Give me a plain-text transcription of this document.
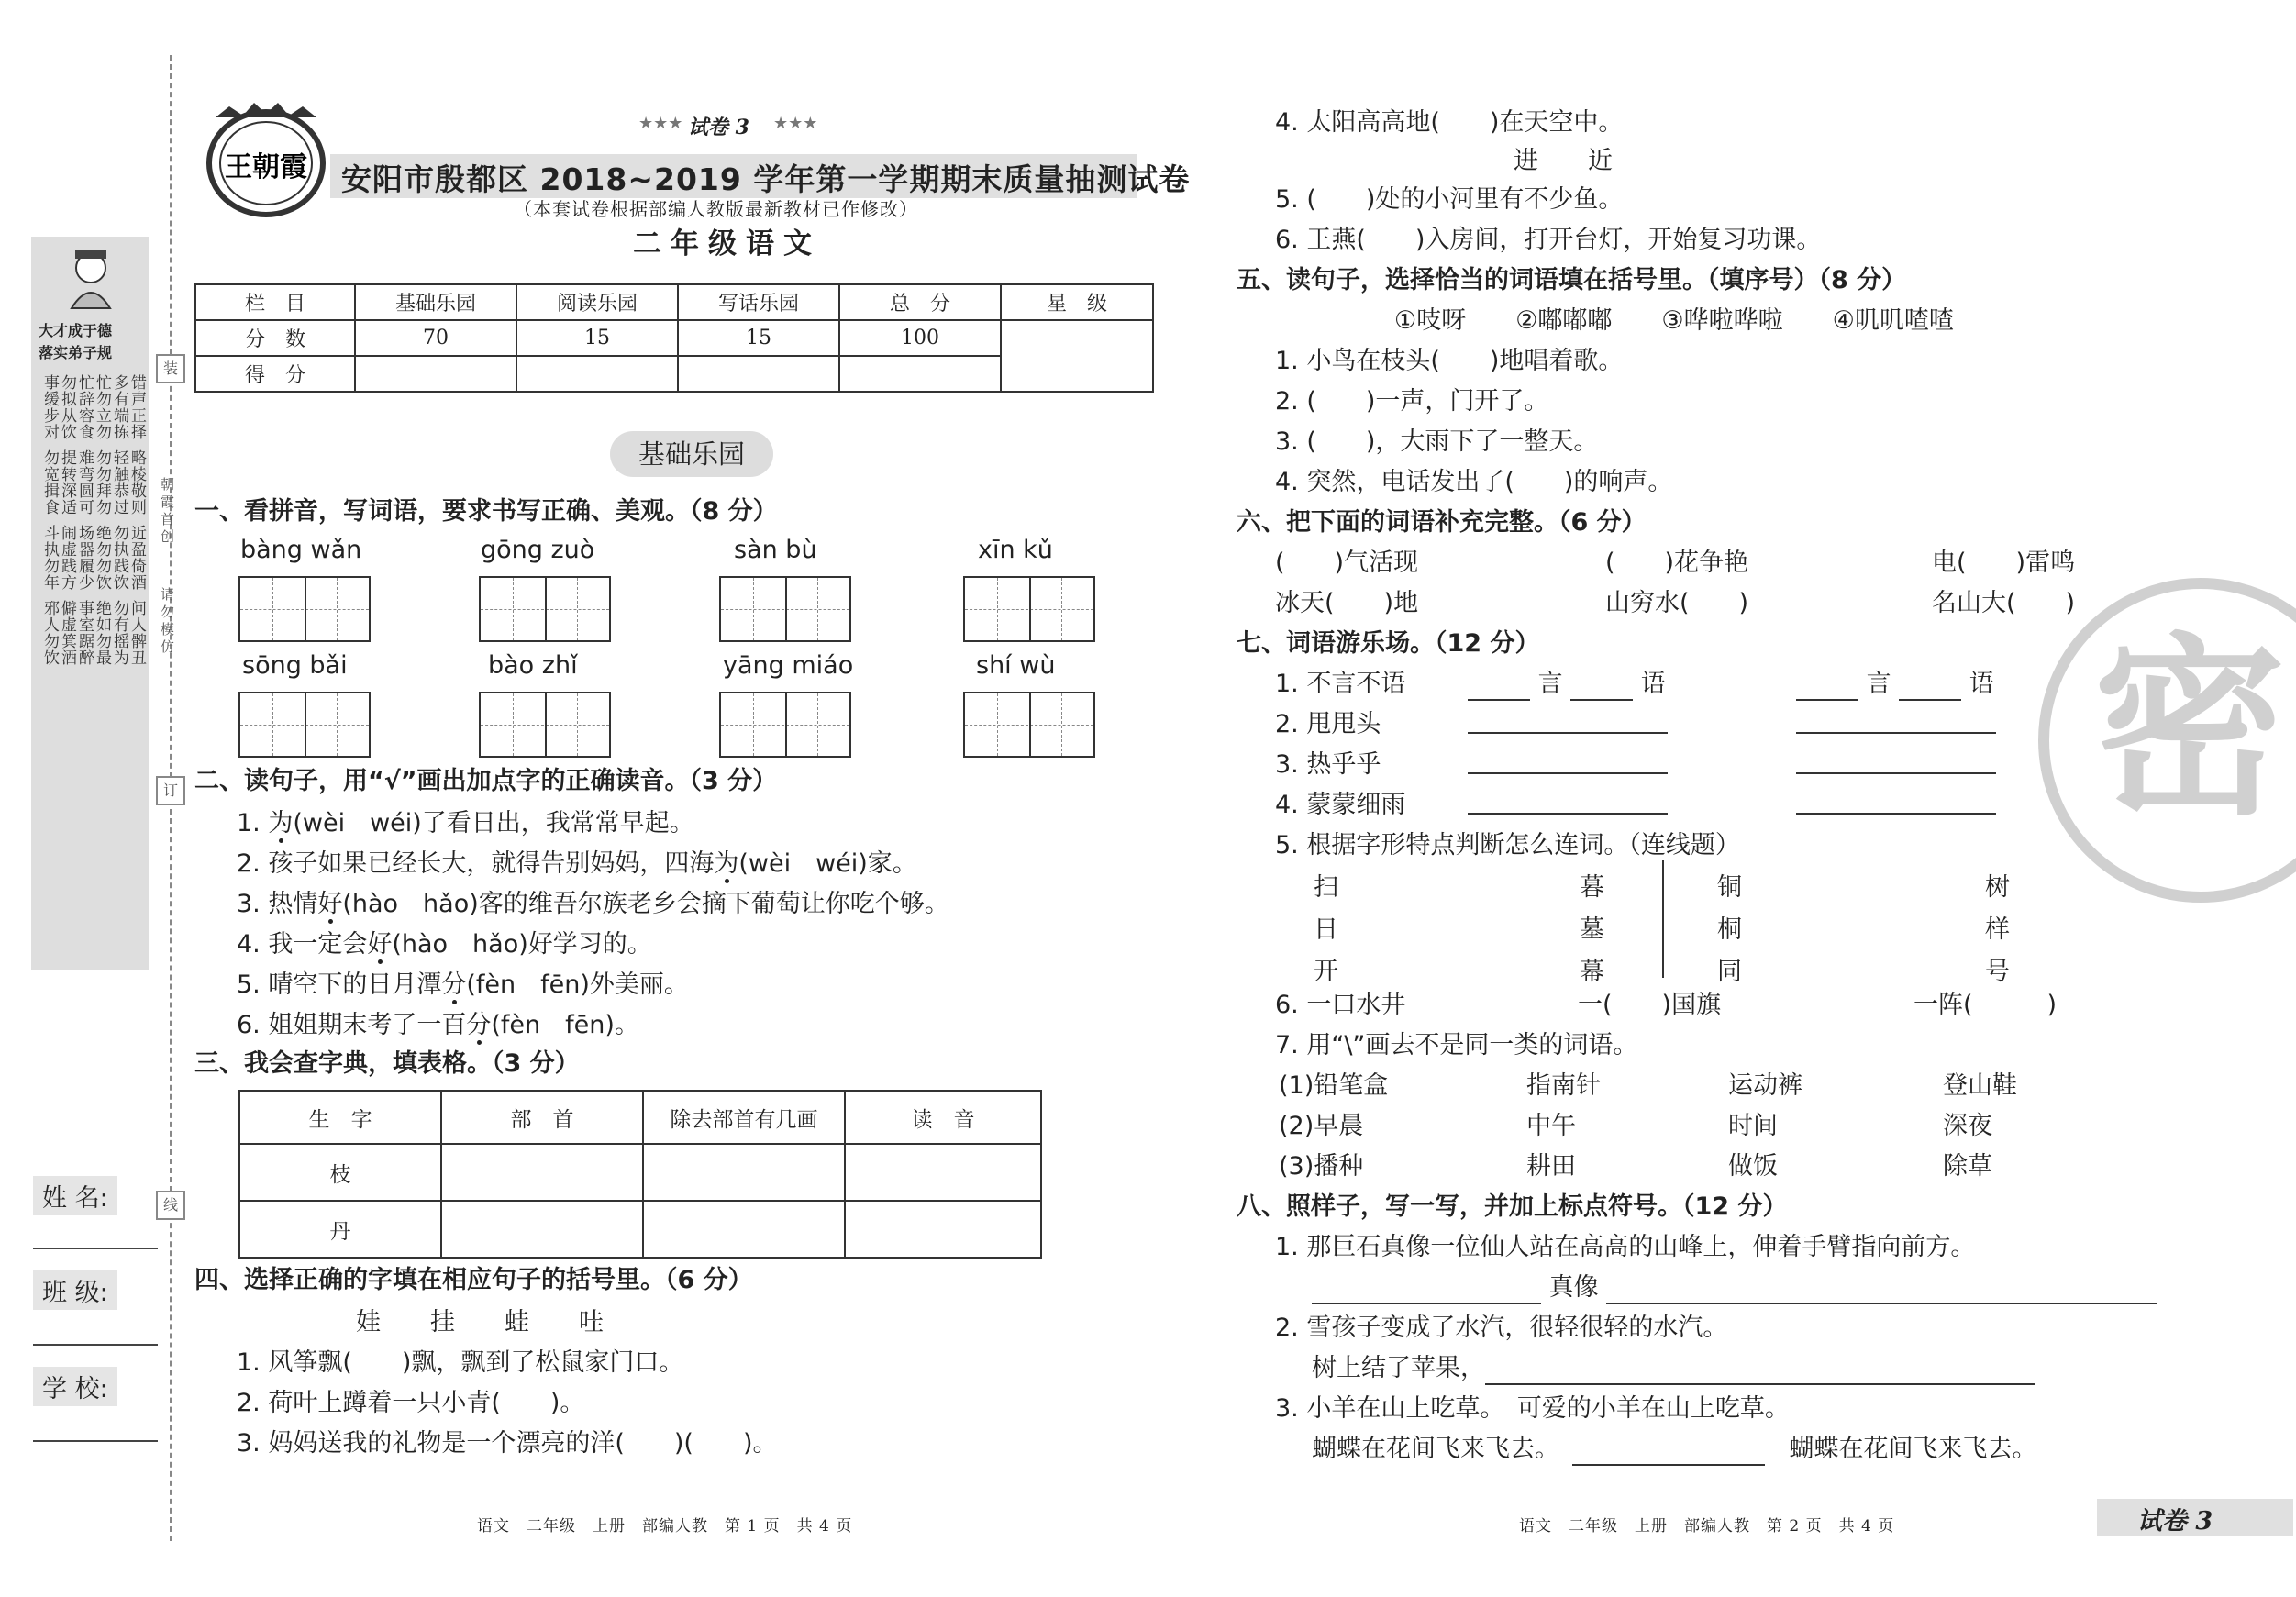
装
订
线
朝霞首创
请勿模仿
大才成于德
落实弟子规
事缓步对 勿拟从饮 忙辞容食 忙勿立勿 多有端拣 错声正择
勿宽揖食 提转深适 难弯圆可 勿勿拜勿 轻触恭过 略棱敬则
斗执勿年 闹虚践方 场器履少 绝勿勿饮 勿执践饮 近盈倚酒
邪人勿饮 僻虚箕酒 事室踞醉 绝如勿最 勿有摇为 问人髀丑
姓 名:
班 级:
学 校:
王朝霞
★★★ 试卷 3 ★★★
安阳市殷都区 2018~2019 学年第一学期期末质量抽测试卷
（本套试卷根据部编人教版最新教材已作修改）
二年级语文
栏　目	基础乐园	阅读乐园	写话乐园	总　分	星　级
分　数	70	15	15	100	
得　分					
基础乐园
一、看拼音，写词语，要求书写正确、美观。（8 分）
bàng wǎn	gōng zuò	sàn bù	xīn kǔ
sōng bǎi	bào zhǐ	yāng miáo	shí wù
二、读句子，用“√”画出加点字的正确读音。（3 分）
1. 为(wèi　wéi)了看日出，我常常早起。
2. 孩子如果已经长大，就得告别妈妈，四海为(wèi　wéi)家。
3. 热情好(hào　hǎo)客的维吾尔族老乡会摘下葡萄让你吃个够。
4. 我一定会好(hào　hǎo)好学习的。
5. 晴空下的日月潭分(fèn　fēn)外美丽。
6. 姐姐期末考了一百分(fèn　fēn)。
三、我会查字典，填表格。（3 分）
生　字	部　首	除去部首有几画	读　音
枝			
丹			
四、选择正确的字填在相应句子的括号里。（6 分）
娃　　挂　　蛙　　哇
1. 风筝飘(　　)飘，飘到了松鼠家门口。
2. 荷叶上蹲着一只小青(　　)。
3. 妈妈送我的礼物是一个漂亮的洋(　　)(　　)。
语文　二年级　上册　部编人教　第 1 页　共 4 页
4. 太阳高高地(　　)在天空中。
进　　近
5. (　　)处的小河里有不少鱼。
6. 王燕(　　)入房间，打开台灯，开始复习功课。
五、读句子，选择恰当的词语填在括号里。（填序号）（8 分）
①吱呀　　②嘟嘟嘟　　③哗啦哗啦　　④叽叽喳喳
1. 小鸟在枝头(　　)地唱着歌。
2. (　　)一声，门开了。
3. (　　)，大雨下了一整天。
4. 突然，电话发出了(　　)的响声。
六、把下面的词语补充完整。（6 分）
(　　)气活现	(　　)花争艳	电(　　)雷鸣
冰天(　　)地	山穷水(　　)	名山大(　　)
七、词语游乐场。（12 分）
1. 不言不语	言	语	言	语
2. 甩甩头
3. 热乎乎
4. 蒙蒙细雨
5. 根据字形特点判断怎么连词。（连线题）
扫
日
开
暮
墓
幕
铜
桐
同
树
样
号
6. 一口水井	一(　　)国旗	一阵(　　　)
7. 用“\”画去不是同一类的词语。
(1)铅笔盒	指南针	运动裤	登山鞋
(2)早晨	中午	时间	深夜
(3)播种	耕田	做饭	除草
八、照样子，写一写，并加上标点符号。（12 分）
1. 那巨石真像一位仙人站在高高的山峰上，伸着手臂指向前方。
真像
2. 雪孩子变成了水汽，很轻很轻的水汽。
树上结了苹果，
3. 小羊在山上吃草。　可爱的小羊在山上吃草。
蝴蝶在花间飞来飞去。　　	蝴蝶在花间飞来飞去。
语文　二年级　上册　部编人教　第 2 页　共 4 页	试卷 3
密
